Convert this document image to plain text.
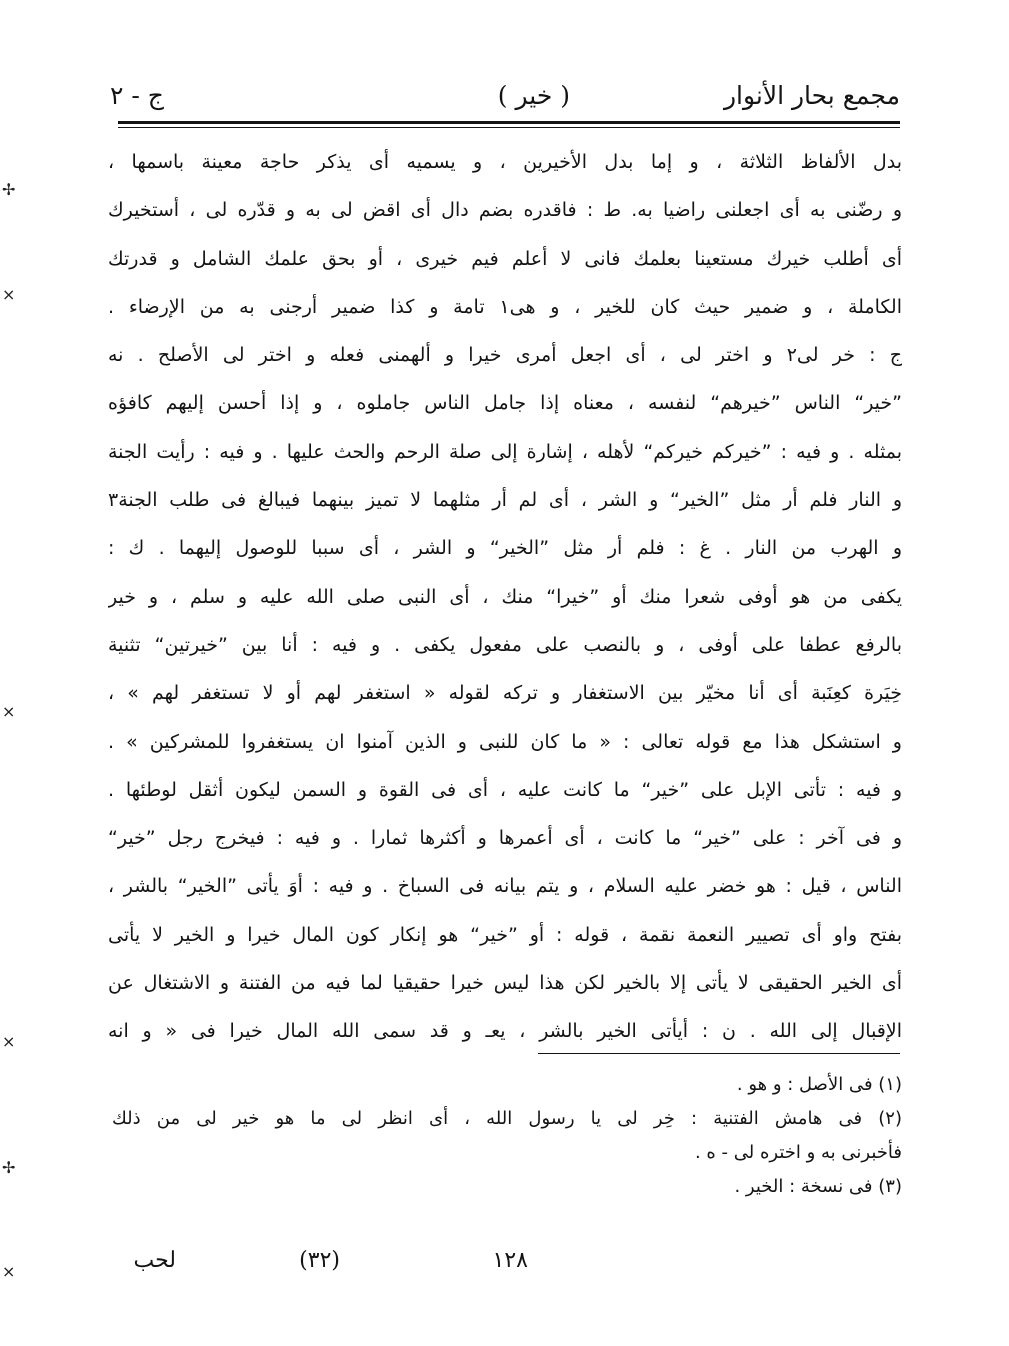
مجمع بحار الأنوار
( خير )
ج - ٢
بدل الألفاظ الثلاثة ، و إما بدل الأخيرين ، و يسميه أى يذكر حاجة معينة باسمها ،
و رضّنى به أى اجعلنى راضيا به. ط : فاقدره بضم دال أى اقض لى به و قدّره لى ، أستخيرك
أى أطلب خيرك مستعينا بعلمك فانى لا أعلم فيم خيرى ، أو بحق علمك الشامل و قدرتك
الكاملة ، و ضمير حيث كان للخير ، و هى١ تامة و كذا ضمير أرجنى به من الإرضاء .
ج : خر لى٢ و اختر لى ، أى اجعل أمرى خيرا و ألهمنى فعله و اختر لى الأصلح . نه
”خير“ الناس ”خيرهم“ لنفسه ، معناه إذا جامل الناس جاملوه ، و إذا أحسن إليهم كافؤه
بمثله . و فيه : ”خيركم خيركم“ لأهله ، إشارة إلى صلة الرحم والحث عليها . و فيه : رأيت الجنة
و النار فلم أر مثل ”الخير“ و الشر ، أى لم أر مثلهما لا تميز بينهما فيبالغ فى طلب الجنة٣
و الهرب من النار . غ : فلم أر مثل ”الخير“ و الشر ، أى سببا للوصول إليهما . ك :
يكفى من هو أوفى شعرا منك أو ”خيرا“ منك ، أى النبى صلى الله عليه و سلم ، و خير
بالرفع عطفا على أوفى ، و بالنصب على مفعول يكفى . و فيه : أنا بين ”خيرتين“ تثنية
خِيَرة كعِنَبة أى أنا مخيّر بين الاستغفار و تركه لقوله « استغفر لهم أو لا تستغفر لهم » ،
و استشكل هذا مع قوله تعالى : « ما كان للنبى و الذين آمنوا ان يستغفروا للمشركين » .
و فيه : تأتى الإبل على ”خير“ ما كانت عليه ، أى فى القوة و السمن ليكون أثقل لوطئها .
و فى آخر : على ”خير“ ما كانت ، أى أعمرها و أكثرها ثمارا . و فيه : فيخرج رجل ”خير“
الناس ، قيل : هو خضر عليه السلام ، و يتم بيانه فى السباخ . و فيه : أوَ يأتى ”الخير“ بالشر ،
بفتح واو أى تصيير النعمة نقمة ، قوله : أو ”خير“ هو إنكار كون المال خيرا و الخير لا يأتى
أى الخير الحقيقى لا يأتى إلا بالخير لكن هذا ليس خيرا حقيقيا لما فيه من الفتنة و الاشتغال عن
الإقبال إلى الله . ن : أيأتى الخير بالشر ، يعـ و قد سمى الله المال خيرا فى « و انه
(١) فى الأصل : و هو .
(٢) فى هامش الفتنية : خِر لى يا رسول الله ، أى انظر لى ما هو خير لى من ذلك
فأخبرنى به و اختره لى - ه .
(٣) فى نسخة : الخير .
١٢٨
(٣٢)
لحب
✢
×
×
×
✢
×
